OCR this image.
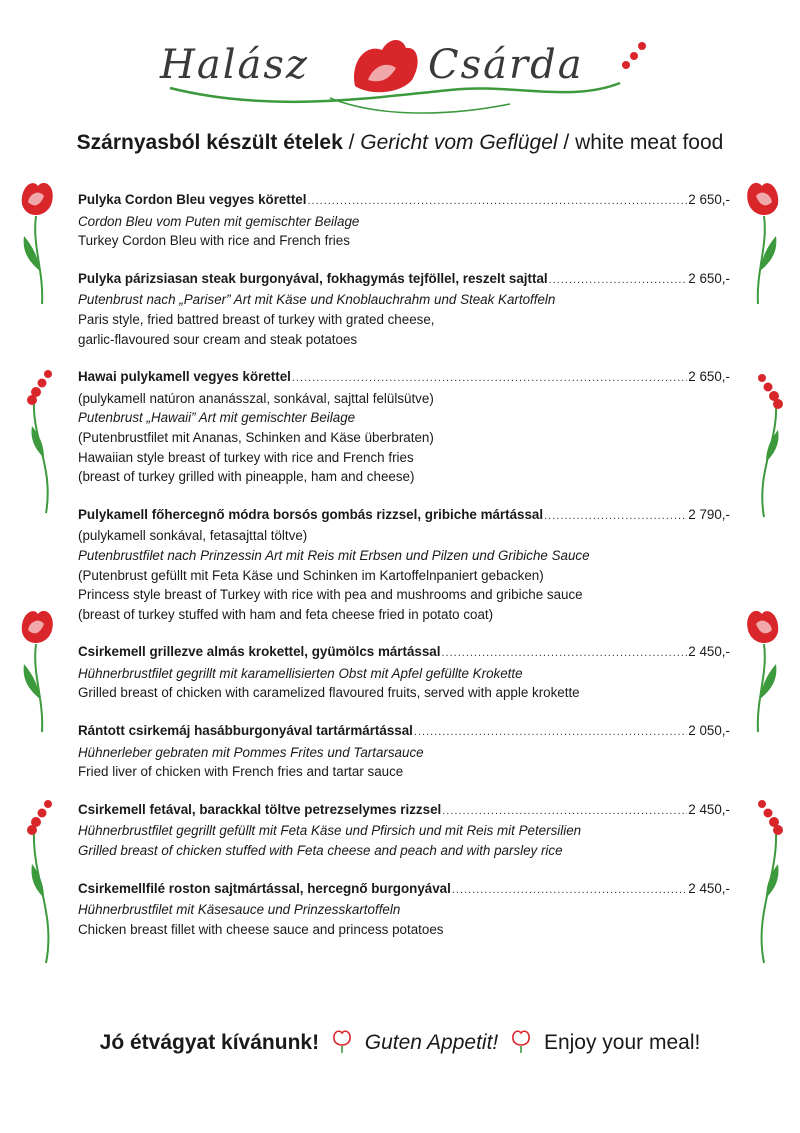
Halász	Csárda
Szárnyasból készült ételek / Gericht vom Geflügel / white meat food
Pulyka Cordon Bleu vegyes körettel .....	2 650,-
Cordon Bleu vom Puten mit gemischter Beilage
Turkey Cordon Bleu with rice and French fries
Pulyka párizsiasan steak burgonyával, fokhagymás tejföllel, reszelt sajttal .....	2 650,-
Putenbrust nach „Pariser” Art mit Käse und Knoblauchrahm und Steak Kartoffeln
Paris style, fried battred breast of turkey with grated cheese,
garlic-flavoured sour cream and steak potatoes
Hawai pulykamell vegyes körettel .....	2 650,-
(pulykamell natúron ananásszal, sonkával, sajttal felülsütve)
Putenbrust „Hawaii” Art mit gemischter Beilage
(Putenbrustfilet mit Ananas, Schinken and Käse überbraten)
Hawaiian style breast of turkey with rice and French fries
(breast of turkey grilled with pineapple, ham and cheese)
Pulykamell főhercegnő módra borsós gombás rizzsel, gribiche mártással .....	2 790,-
(pulykamell sonkával, fetasajttal töltve)
Putenbrustfilet nach Prinzessin Art mit Reis mit Erbsen und Pilzen und Gribiche Sauce
(Putenbrust gefüllt mit Feta Käse und Schinken im Kartoffelnpaniert gebacken)
Princess style breast of Turkey with rice with pea and mushrooms and gribiche sauce
(breast of turkey stuffed with ham and feta cheese fried in potato coat)
Csirkemell grillezve almás krokettel, gyümölcs mártással .....	2 450,-
Hühnerbrustfilet gegrillt mit karamellisierten Obst mit Apfel gefüllte Krokette
Grilled breast of chicken with caramelized flavoured fruits, served with apple krokette
Rántott csirkemáj hasábburgonyával tartármártással .....	2 050,-
Hühnerleber gebraten mit Pommes Frites und Tartarsauce
Fried liver of chicken with French fries and tartar sauce
Csirkemell fetával, barackkal töltve petrezselymes rizzsel .....	2 450,-
Hühnerbrustfilet gegrillt gefüllt mit Feta Käse und Pfirsich und mit Reis mit Petersilien
Grilled breast of chicken stuffed with Feta cheese and peach and with parsley rice
Csirkemellfilé roston sajtmártással, hercegnő burgonyával .....	2 450,-
Hühnerbrustfilet mit Käsesauce und Prinzesskartoffeln
Chicken breast fillet with cheese sauce and princess potatoes
Jó étvágyat kívánunk! Guten Appetit! Enjoy your meal!
